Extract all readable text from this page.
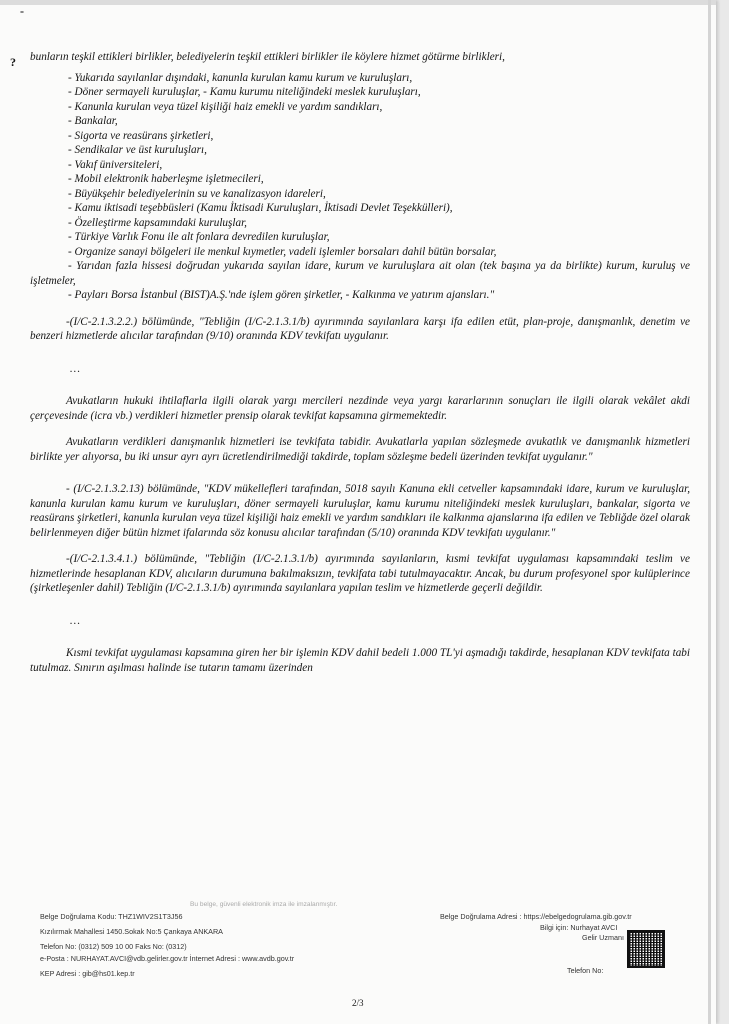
-
? bunların teşkil ettikleri birlikler, belediyelerin teşkil ettikleri birlikler ile köylere hizmet götürme birlikleri,

- Yukarıda sayılanlar dışındaki, kanunla kurulan kamu kurum ve kuruluşları,
- Döner sermayeli kuruluşlar, - Kamu kurumu niteliğindeki meslek kuruluşları,
- Kanunla kurulan veya tüzel kişiliği haiz emekli ve yardım sandıkları,
- Bankalar,
- Sigorta ve reasürans şirketleri,
- Sendikalar ve üst kuruluşları,
- Vakıf üniversiteleri,
- Mobil elektronik haberleşme işletmecileri,
- Büyükşehir belediyelerinin su ve kanalizasyon idareleri,
- Kamu iktisadi teşebbüsleri (Kamu İktisadi Kuruluşları, İktisadi Devlet Teşekkülleri),
- Özelleştirme kapsamındaki kuruluşlar,
- Türkiye Varlık Fonu ile alt fonlara devredilen kuruluşlar,
- Organize sanayi bölgeleri ile menkul kıymetler, vadeli işlemler borsaları dahil bütün borsalar,
- Yarıdan fazla hissesi doğrudan yukarıda sayılan idare, kurum ve kuruluşlara ait olan (tek başına ya da birlikte) kurum, kuruluş ve işletmeler,
- Payları Borsa İstanbul (BIST)A.Ş.'nde işlem gören şirketler, - Kalkınma ve yatırım ajansları."

-(I/C-2.1.3.2.2.) bölümünde, "Tebliğin (I/C-2.1.3.1/b) ayırımında sayılanlara karşı ifa edilen etüt, plan-proje, danışmanlık, denetim ve benzeri hizmetlerde alıcılar tarafından (9/10) oranında KDV tevkifatı uygulanır.

…

Avukatların hukuki ihtilaflarla ilgili olarak yargı mercileri nezdinde veya yargı kararlarının sonuçları ile ilgili olarak vekâlet akdi çerçevesinde (icra vb.) verdikleri hizmetler prensip olarak tevkifat kapsamına girmemektedir.

Avukatların verdikleri danışmanlık hizmetleri ise tevkifata tabidir. Avukatlarla yapılan sözleşmede avukatlık ve danışmanlık hizmetleri birlikte yer alıyorsa, bu iki unsur ayrı ayrı ücretlendirilmediği takdirde, toplam sözleşme bedeli üzerinden tevkifat uygulanır."

- (I/C-2.1.3.2.13) bölümünde, "KDV mükellefleri tarafından, 5018 sayılı Kanuna ekli cetveller kapsamındaki idare, kurum ve kuruluşlar, kanunla kurulan kamu kurum ve kuruluşları, döner sermayeli kuruluşlar, kamu kurumu niteliğindeki meslek kuruluşları, bankalar, sigorta ve reasürans şirketleri, kanunla kurulan veya tüzel kişiliği haiz emekli ve yardım sandıkları ile kalkınma ajanslarına ifa edilen ve Tebliğde özel olarak belirlenmeyen diğer bütün hizmet ifalarında söz konusu alıcılar tarafından (5/10) oranında KDV tevkifatı uygulanır."

-(I/C-2.1.3.4.1.) bölümünde, "Tebliğin (I/C-2.1.3.1/b) ayırımında sayılanların, kısmi tevkifat uygulaması kapsamındaki teslim ve hizmetlerinde hesaplanan KDV, alıcıların durumuna bakılmaksızın, tevkifata tabi tutulmayacaktır. Ancak, bu durum profesyonel spor kulüplerince (şirketleşenler dahil) Tebliğin (I/C-2.1.3.1/b) ayırımında sayılanlara yapılan teslim ve hizmetlerde geçerli değildir.

…

Kısmi tevkifat uygulaması kapsamına giren her bir işlemin KDV dahil bedeli 1.000 TL'yi aşmadığı takdirde, hesaplanan KDV tevkifata tabi tutulmaz. Sınırın aşılması halinde ise tutarın tamamı üzerinden

Bu belge, güvenli elektronik imza ile imzalanmıştır.
Belge Doğrulama Kodu: THZ1WIV2S1T3J56
Kızılırmak Mahallesi 1450.Sokak No:5 Çankaya ANKARA
Telefon No: (0312) 509 10 00 Faks No: (0312)
e-Posta : NURHAYAT.AVCI@vdb.gelirler.gov.tr İnternet Adresi : www.avdb.gov.tr
KEP Adresi : gib@hs01.kep.tr
Belge Doğrulama Adresi : https://ebelgedogrulama.gib.gov.tr
Bilgi için: Nurhayat AVCI
Gelir Uzmanı
Telefon No:
2/3
